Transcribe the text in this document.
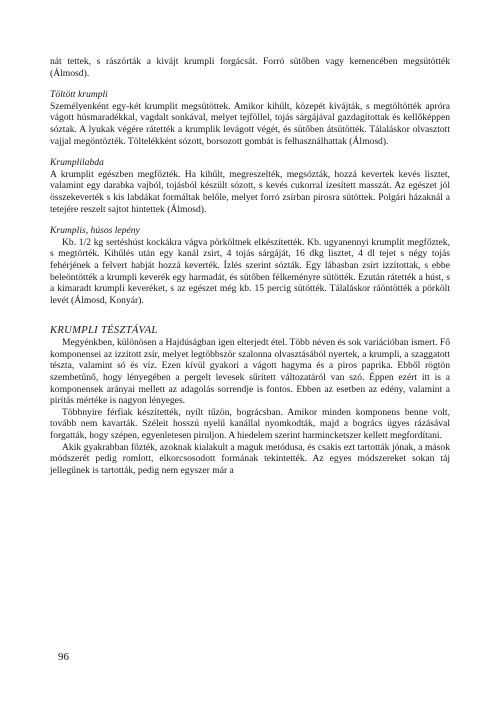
nát tettek, s rászórták a kivájt krumpli forgácsát. Forró sütőben vagy kemencében megsütötték (Álmosd).

Töltött krumpli

Személyenként egy-két krumplit megsütöttek. Amikor kihűlt, közepét kivájták, s megtöltötték apróra vágott húsmaradékkal, vagdalt sonkával, melyet tejföllel, tojás sárgájával gazdagítottak és kellőképpen sóztak. A lyukak végére rátették a krumplik levágott végét, és sütőben átsütötték. Tálaláskor olvasztott vajjal megöntözték. Töltelékként sózott, borsozott gombát is felhasználhattak (Álmosd).

Krumplilabda

A krumplit egészben megfőzték. Ha kihűlt, megreszelték, megsózták, hozzá kevertek kevés lisztet, valamint egy darabka vajból, tojásból készült sózott, s kevés cukorral ízesített masszát. Az egészet jól összekeverték s kis labdákat formáltak belőle, melyet forró zsírban pirosra sütöttek. Polgári házaknál a tetejére reszelt sajtot hintettek (Álmosd).

Krumplis, húsos lepény

Kb. 1/2 kg sertéshúst kockákra vágva pörköltnek elkészítették. Kb. ugyanennyi krumplit megfőztek, s megtörték. Kihűlés után egy kanál zsírt, 4 tojás sárgáját, 16 dkg lisztet, 4 dl tejet s négy tojás fehérjének a felvert habját hozzá keverték. Ízlés szerint sózták. Egy lábasban zsírt izzítottak, s ebbe beleöntötték a krumpli keverék egy harmadát, és sütőben félkeményre sütötték. Ezután rátették a húst, s a kimaradt krumpli keveréket, s az egészet még kb. 15 percig sütötték. Tálaláskor ráöntötték a pörkölt levét (Álmosd, Konyár).

KRUMPLI TÉSZTÁVAL

Megyénkben, különösen a Hajdúságban igen elterjedt étel. Több néven és sok variációban ismert. Fő komponensei az izzított zsír, melyet legtöbbször szalonna olvasztásából nyertek, a krumpli, a szaggatott tészta, valamint só és víz. Ezen kívül gyakori a vágott hagyma és a piros paprika. Ebből rögtön szembetűnő, hogy lényegében a pergelt levesek sűrített változatáról van szó. Éppen ezért itt is a komponensek arányai mellett az adagolás sorrendje is fontos. Ebben az esetben az edény, valamint a pirítás mértéke is nagyon lényeges.

Többnyire férfiak készítették, nyílt tűzön, bográcsban. Amikor minden komponens benne volt, tovább nem kavarták. Széleit hosszú nyelű kanállal nyomkodták, majd a bogrács ügyes rázásával forgatták, hogy szépen, egyenletesen piruljon. A hiedelem szerint harmincketszer kellett megfordítani.

Akik gyakrabban főzték, azoknak kialakult a maguk metódusa, és csakis ezt tartották jónak, a mások módszerét pedig romlott, elkorcsosodott formának tekintették. Az egyes módszereket sokan táj jellegűnek is tartották, pedig nem egyszer már a

96
